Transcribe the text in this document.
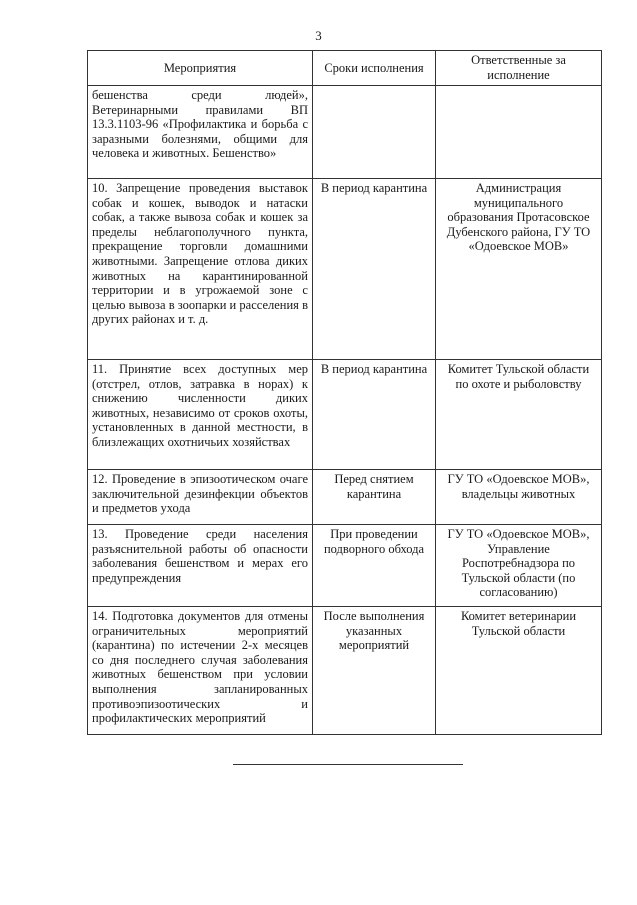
3
Мероприятия	Сроки исполнения	Ответственные за исполнение
бешенства среди людей», Ветеринарными правилами ВП 13.3.1103-96 «Профилактика и борьба с заразными болезнями, общими для человека и животных. Бешенство»		
10. Запрещение проведения выставок собак и кошек, выводок и натаски собак, а также вывоза собак и кошек за пределы неблагополучного пункта, прекращение торговли домашними животными. Запрещение отлова диких животных на карантинированной территории и в угрожаемой зоне с целью вывоза в зоопарки и расселения в других районах и т. д.	В период карантина	Администрация муниципального образования Протасовское Дубенского района, ГУ ТО «Одоевское МОВ»
11. Принятие всех доступных мер (отстрел, отлов, затравка в норах) к снижению численности диких животных, независимо от сроков охоты, установленных в данной местности, в близлежащих охотничьих хозяйствах	В период карантина	Комитет Тульской области по охоте и рыболовству
12. Проведение в эпизоотическом очаге заключительной дезинфекции объектов и предметов ухода	Перед снятием карантина	ГУ ТО «Одоевское МОВ», владельцы животных
13. Проведение среди населения разъяснительной работы об опасности заболевания бешенством и мерах его предупреждения	При проведении подворного обхода	ГУ ТО «Одоевское МОВ», Управление Роспотребнадзора по Тульской области (по согласованию)
14. Подготовка документов для отмены ограничительных мероприятий (карантина) по истечении 2-х месяцев со дня последнего случая заболевания животных бешенством при условии выполнения запланированных противоэпизоотических и профилактических мероприятий	После выполнения указанных мероприятий	Комитет ветеринарии Тульской области
